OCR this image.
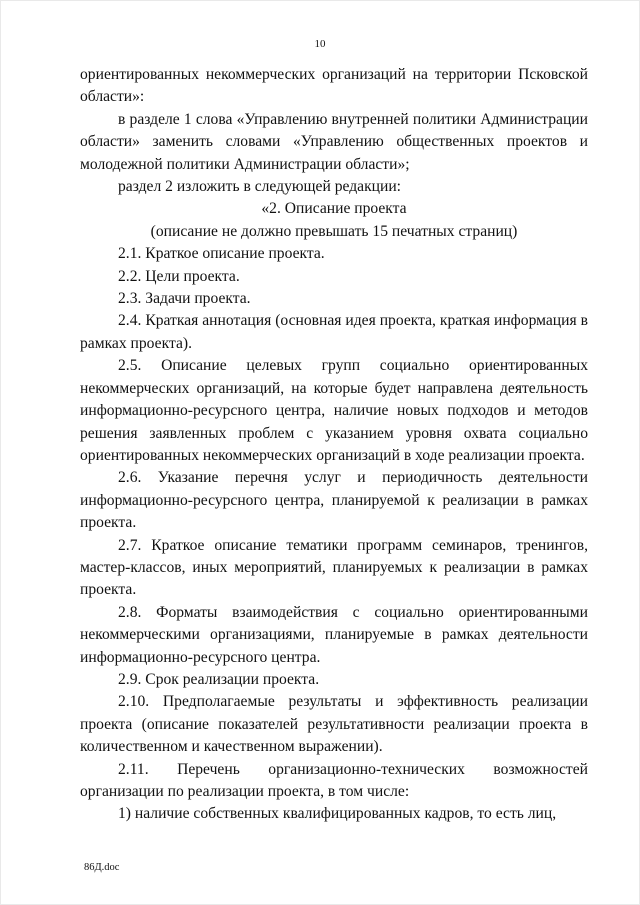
10

ориентированных некоммерческих организаций на территории Псковской области»:

в разделе 1 слова «Управлению внутренней политики Администрации области» заменить словами «Управлению общественных проектов и молодежной политики Администрации области»;

раздел 2 изложить в следующей редакции:

«2. Описание проекта

(описание не должно превышать 15 печатных страниц)

2.1. Краткое описание проекта.

2.2. Цели проекта.

2.3. Задачи проекта.

2.4. Краткая аннотация (основная идея проекта, краткая информация в рамках проекта).

2.5. Описание целевых групп социально ориентированных некоммерческих организаций, на которые будет направлена деятельность информационно-ресурсного центра, наличие новых подходов и методов решения заявленных проблем с указанием уровня охвата социально ориентированных некоммерческих организаций в ходе реализации проекта.

2.6. Указание перечня услуг и периодичность деятельности информационно-ресурсного центра, планируемой к реализации в рамках проекта.

2.7. Краткое описание тематики программ семинаров, тренингов, мастер-классов, иных мероприятий, планируемых к реализации в рамках проекта.

2.8. Форматы взаимодействия с социально ориентированными некоммерческими организациями, планируемые в рамках деятельности информационно-ресурсного центра.

2.9. Срок реализации проекта.

2.10. Предполагаемые результаты и эффективность реализации проекта (описание показателей результативности реализации проекта в количественном и качественном выражении).

2.11. Перечень организационно-технических возможностей организации по реализации проекта, в том числе:

1) наличие собственных квалифицированных кадров, то есть лиц,

86Д.doc
